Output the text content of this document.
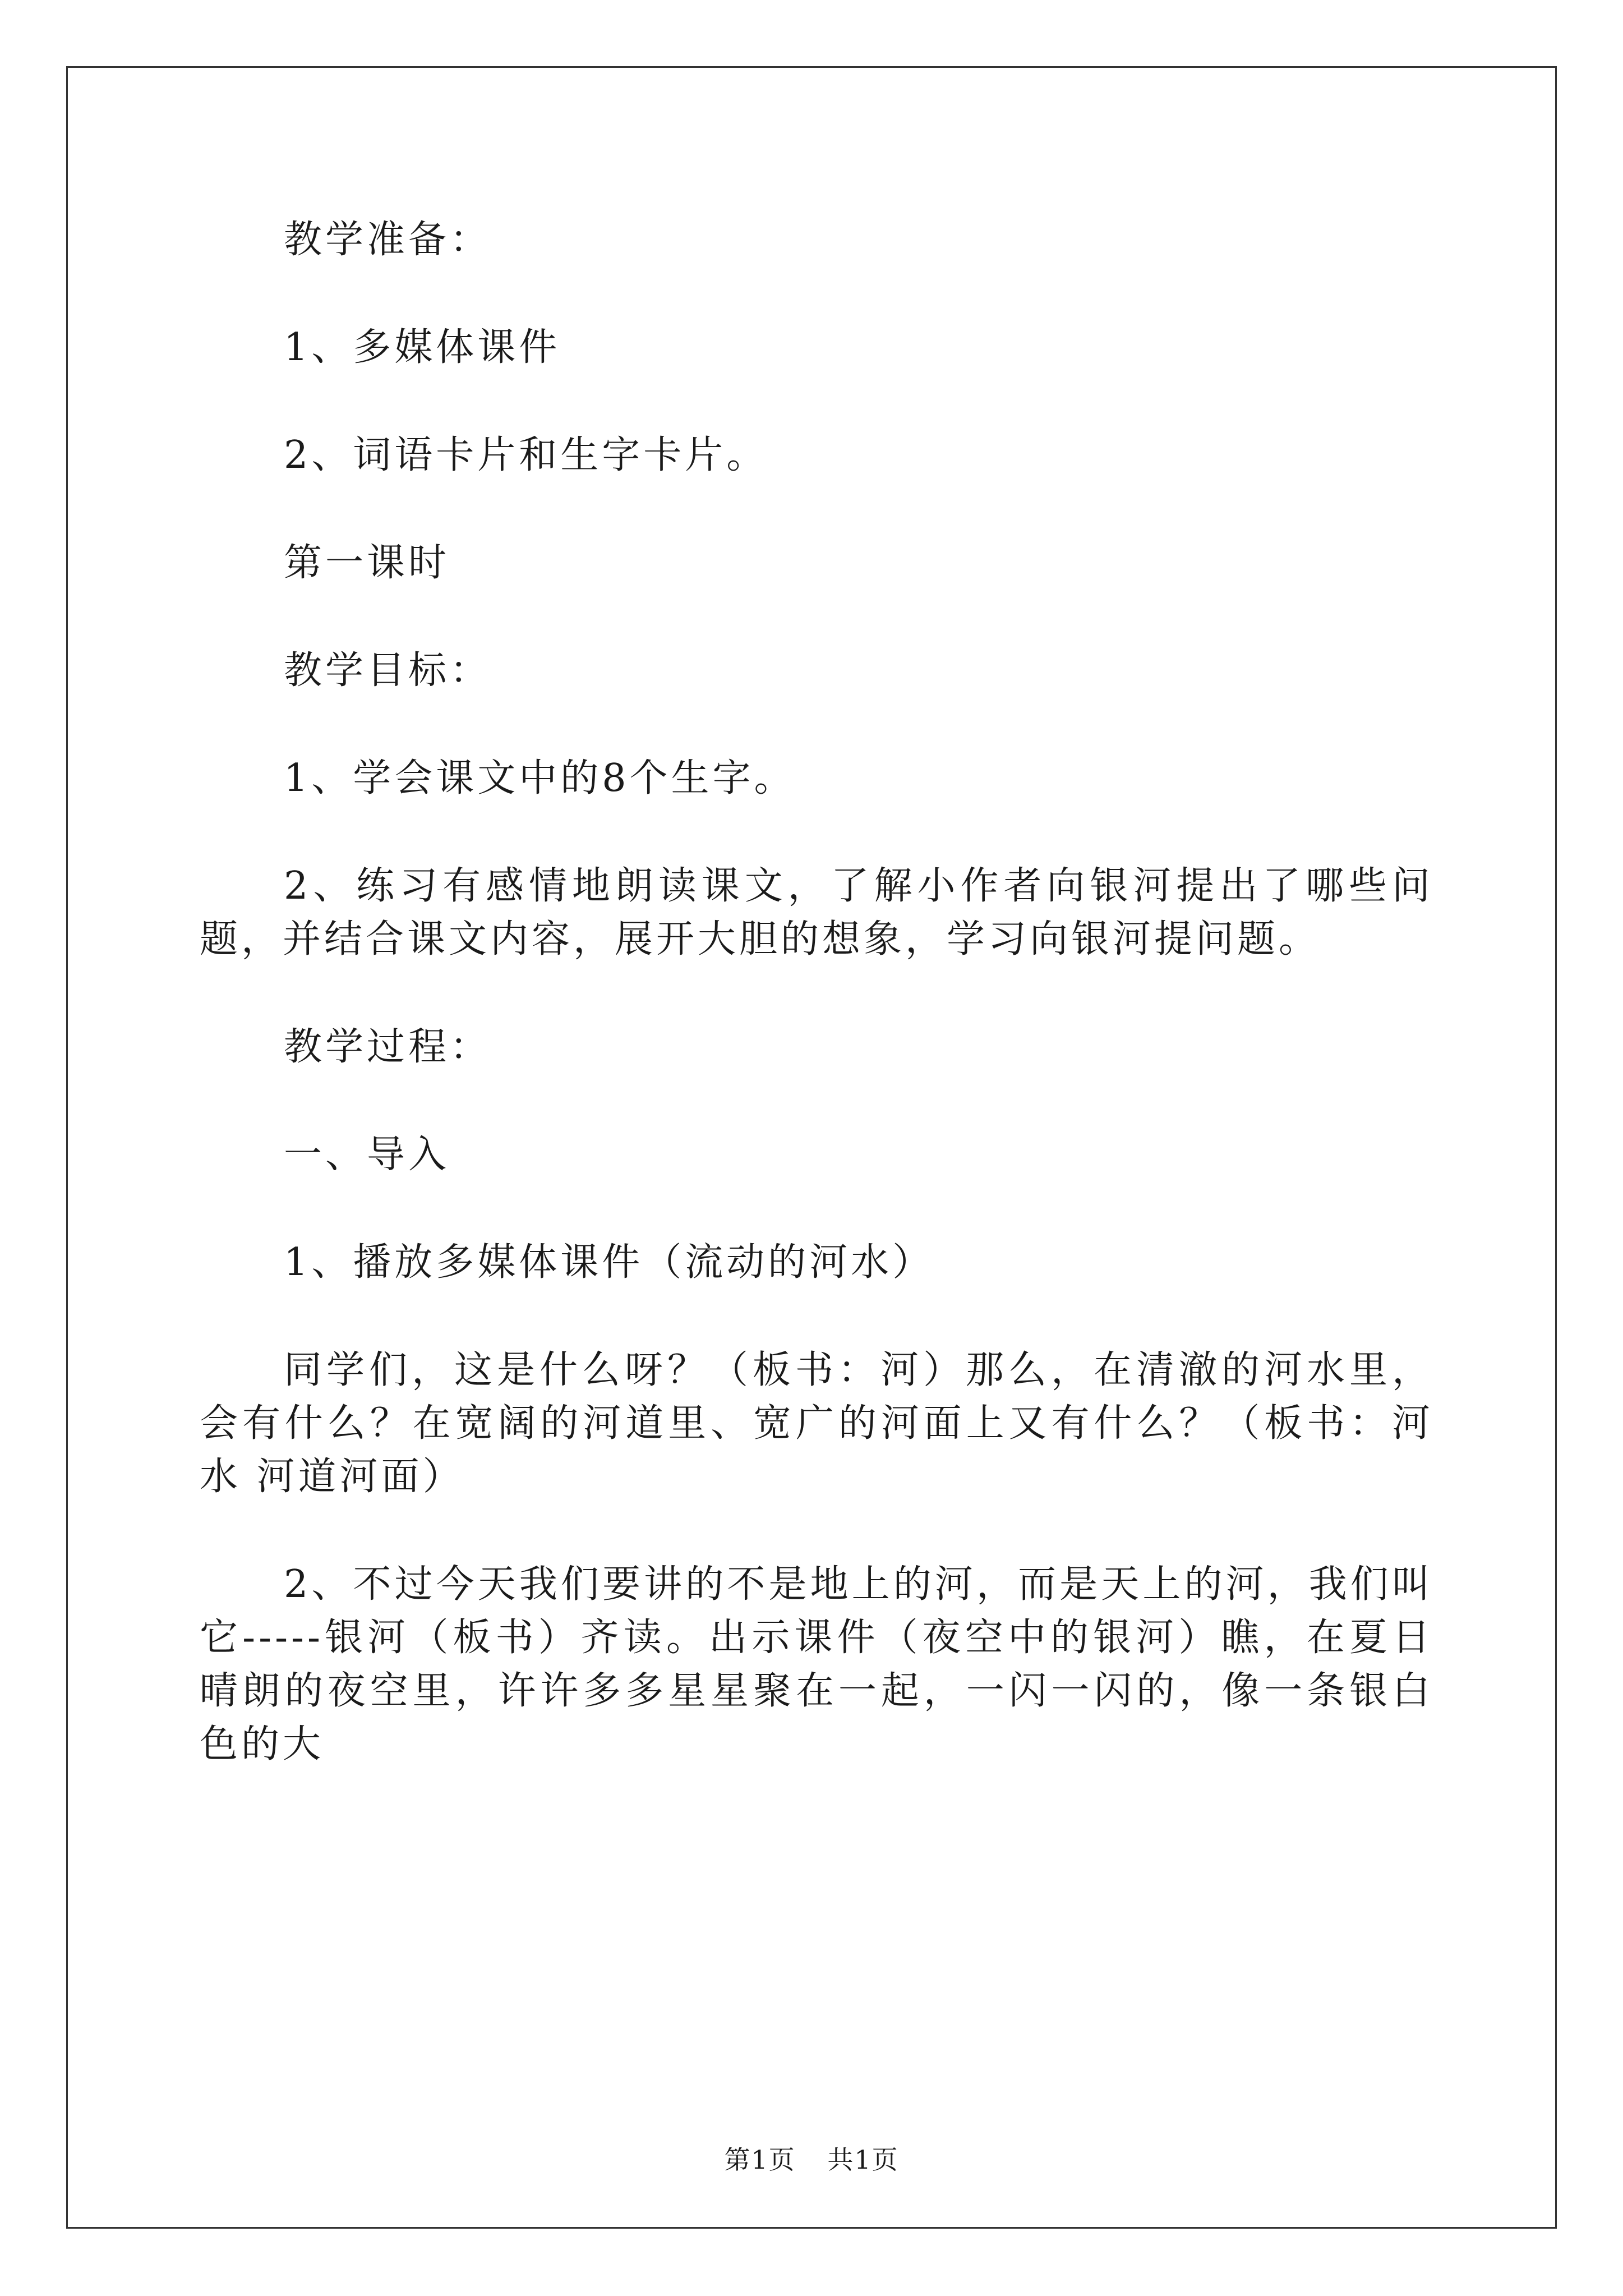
教学准备：

1、多媒体课件

2、词语卡片和生字卡片。

第一课时

教学目标：

1、学会课文中的8个生字。

2、练习有感情地朗读课文，了解小作者向银河提出了哪些问题，并结合课文内容，展开大胆的想象，学习向银河提问题。

教学过程：

一、导入

1、播放多媒体课件（流动的河水）

同学们，这是什么呀？（板书：河）那么，在清澈的河水里，会有什么？在宽阔的河道里、宽广的河面上又有什么？（板书：河水 河道河面）

2、不过今天我们要讲的不是地上的河，而是天上的河，我们叫它-----银河（板书）齐读。出示课件（夜空中的银河）瞧，在夏日晴朗的夜空里，许许多多星星聚在一起，一闪一闪的，像一条银白色的大

第1页 共1页
